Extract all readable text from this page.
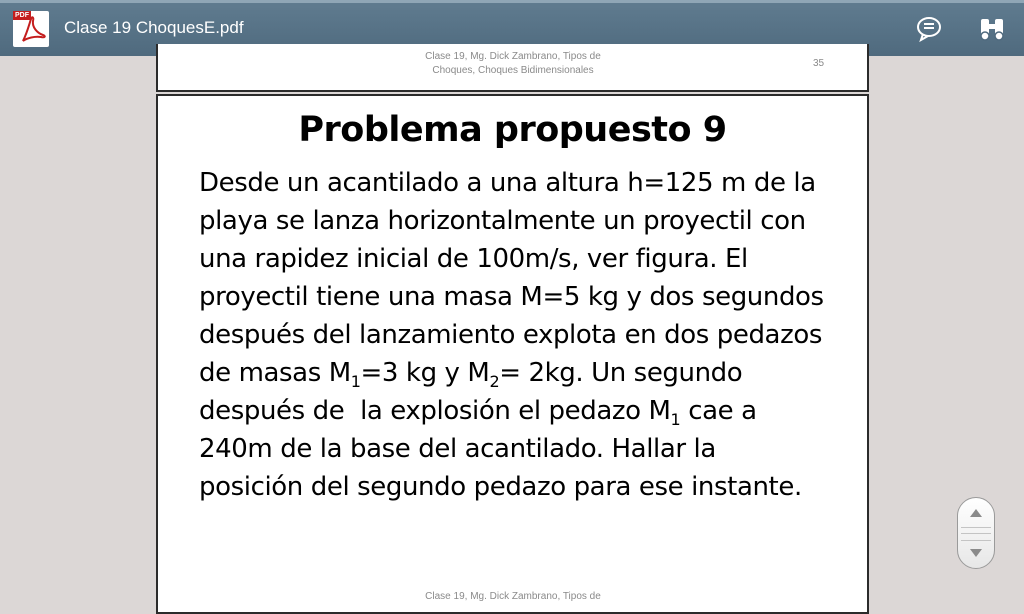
PDF
Clase 19 ChoquesE.pdf
Clase 19, Mg. Dick Zambrano, Tipos de
Choques, Choques Bidimensionales
35
Problema propuesto 9
Desde un acantilado a una altura h=125 m de la
playa se lanza horizontalmente un proyectil con
una rapidez inicial de 100m/s, ver figura. El
proyectil tiene una masa M=5 kg y dos segundos
después del lanzamiento explota en dos pedazos
de masas $M_1=3$ kg y $M_2= 2kg$. Un segundo
después de  la explosión el pedazo $M_1$ cae a
240m de la base del acantilado. Hallar la
posición del segundo pedazo para ese instante.
Clase 19, Mg. Dick Zambrano, Tipos de
